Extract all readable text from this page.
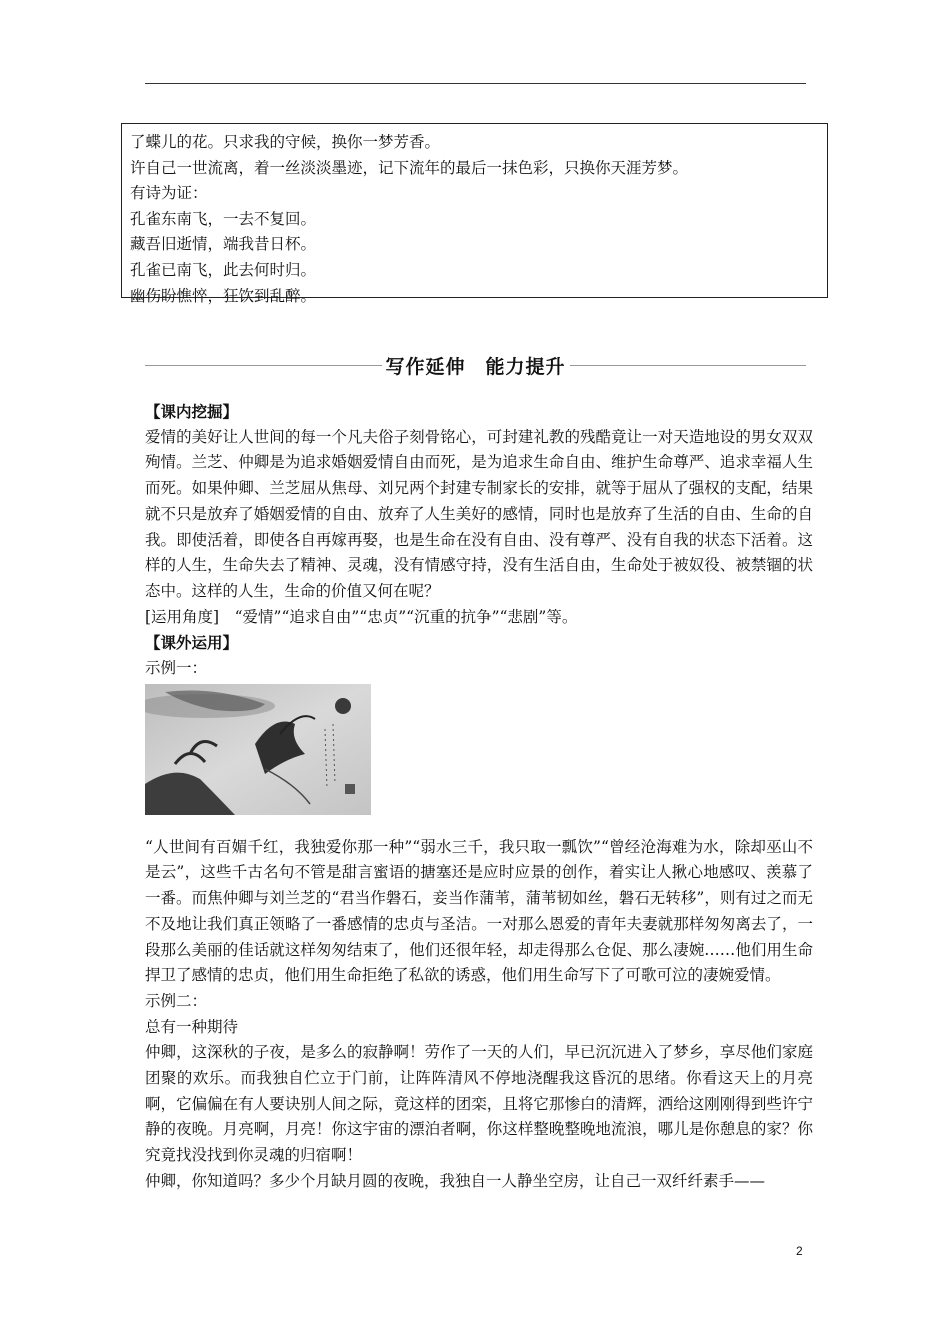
了蝶儿的花。只求我的守候，换你一梦芳香。

许自己一世流离，着一丝淡淡墨迹，记下流年的最后一抹色彩，只换你天涯芳梦。

有诗为证：

孔雀东南飞，一去不复回。

藏吾旧逝情，端我昔日杯。

孔雀已南飞，此去何时归。

幽伤盼憔悴，狂饮到乱醉。

写作延伸　能力提升

【课内挖掘】

爱情的美好让人世间的每一个凡夫俗子刻骨铭心，可封建礼教的残酷竟让一对天造地设的男女双双殉情。兰芝、仲卿是为追求婚姻爱情自由而死，是为追求生命自由、维护生命尊严、追求幸福人生而死。如果仲卿、兰芝屈从焦母、刘兄两个封建专制家长的安排，就等于屈从了强权的支配，结果就不只是放弃了婚姻爱情的自由、放弃了人生美好的感情，同时也是放弃了生活的自由、生命的自我。即使活着，即使各自再嫁再娶，也是生命在没有自由、没有尊严、没有自我的状态下活着。这样的人生，生命失去了精神、灵魂，没有情感守持，没有生活自由，生命处于被奴役、被禁锢的状态中。这样的人生，生命的价值又何在呢？

[运用角度]　“爱情”“追求自由”“忠贞”“沉重的抗争”“悲剧”等。

【课外运用】

示例一：

“人世间有百媚千红，我独爱你那一种”“弱水三千，我只取一瓢饮”“曾经沧海难为水，除却巫山不是云”，这些千古名句不管是甜言蜜语的搪塞还是应时应景的创作，着实让人揪心地感叹、羡慕了一番。而焦仲卿与刘兰芝的“君当作磐石，妾当作蒲苇，蒲苇韧如丝，磐石无转移”，则有过之而无不及地让我们真正领略了一番感情的忠贞与圣洁。一对那么恩爱的青年夫妻就那样匆匆离去了，一段那么美丽的佳话就这样匆匆结束了，他们还很年轻，却走得那么仓促、那么凄婉……他们用生命捍卫了感情的忠贞，他们用生命拒绝了私欲的诱惑，他们用生命写下了可歌可泣的凄婉爱情。

示例二：

总有一种期待

仲卿，这深秋的子夜，是多么的寂静啊！劳作了一天的人们，早已沉沉进入了梦乡，享尽他们家庭团聚的欢乐。而我独自伫立于门前，让阵阵清风不停地浇醒我这昏沉的思绪。你看这天上的月亮啊，它偏偏在有人要诀别人间之际，竟这样的团栾，且将它那惨白的清辉，洒给这刚刚得到些许宁静的夜晚。月亮啊，月亮！你这宇宙的漂泊者啊，你这样整晚整晚地流浪，哪儿是你憩息的家？你究竟找没找到你灵魂的归宿啊！

仲卿，你知道吗？多少个月缺月圆的夜晚，我独自一人静坐空房，让自己一双纤纤素手——

2
